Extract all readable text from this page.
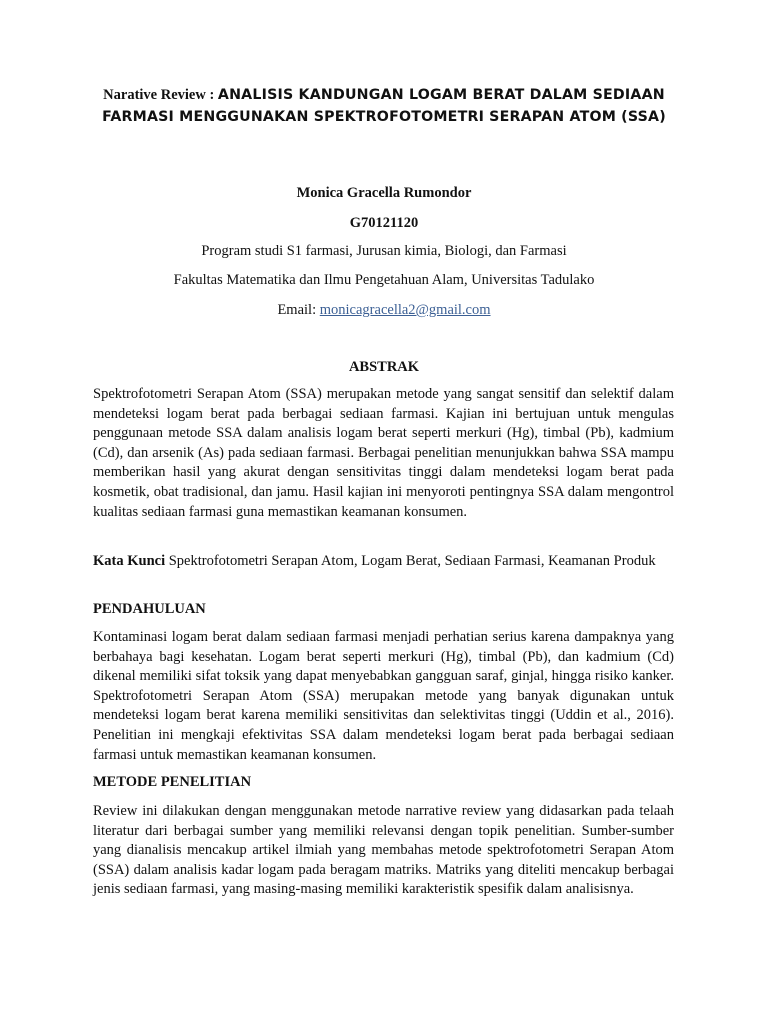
Narative Review : ANALISIS KANDUNGAN LOGAM BERAT DALAM SEDIAAN FARMASI MENGGUNAKAN SPEKTROFOTOMETRI SERAPAN ATOM (SSA)
Monica Gracella Rumondor
G70121120
Program studi S1 farmasi, Jurusan kimia, Biologi, dan Farmasi
Fakultas Matematika dan Ilmu Pengetahuan Alam, Universitas Tadulako
Email: monicagracella2@gmail.com
ABSTRAK

Spektrofotometri Serapan Atom (SSA) merupakan metode yang sangat sensitif dan selektif dalam mendeteksi logam berat pada berbagai sediaan farmasi. Kajian ini bertujuan untuk mengulas penggunaan metode SSA dalam analisis logam berat seperti merkuri (Hg), timbal (Pb), kadmium (Cd), dan arsenik (As) pada sediaan farmasi. Berbagai penelitian menunjukkan bahwa SSA mampu memberikan hasil yang akurat dengan sensitivitas tinggi dalam mendeteksi logam berat pada kosmetik, obat tradisional, dan jamu. Hasil kajian ini menyoroti pentingnya SSA dalam mengontrol kualitas sediaan farmasi guna memastikan keamanan konsumen.

Kata Kunci Spektrofotometri Serapan Atom, Logam Berat, Sediaan Farmasi, Keamanan Produk

PENDAHULUAN

Kontaminasi logam berat dalam sediaan farmasi menjadi perhatian serius karena dampaknya yang berbahaya bagi kesehatan. Logam berat seperti merkuri (Hg), timbal (Pb), dan kadmium (Cd) dikenal memiliki sifat toksik yang dapat menyebabkan gangguan saraf, ginjal, hingga risiko kanker. Spektrofotometri Serapan Atom (SSA) merupakan metode yang banyak digunakan untuk mendeteksi logam berat karena memiliki sensitivitas dan selektivitas tinggi (Uddin et al., 2016). Penelitian ini mengkaji efektivitas SSA dalam mendeteksi logam berat pada berbagai sediaan farmasi untuk memastikan keamanan konsumen.

METODE PENELITIAN

Review ini dilakukan dengan menggunakan metode narrative review yang didasarkan pada telaah literatur dari berbagai sumber yang memiliki relevansi dengan topik penelitian. Sumber-sumber yang dianalisis mencakup artikel ilmiah yang membahas metode spektrofotometri Serapan Atom (SSA) dalam analisis kadar logam pada beragam matriks. Matriks yang diteliti mencakup berbagai jenis sediaan farmasi, yang masing-masing memiliki karakteristik spesifik dalam analisisnya.
